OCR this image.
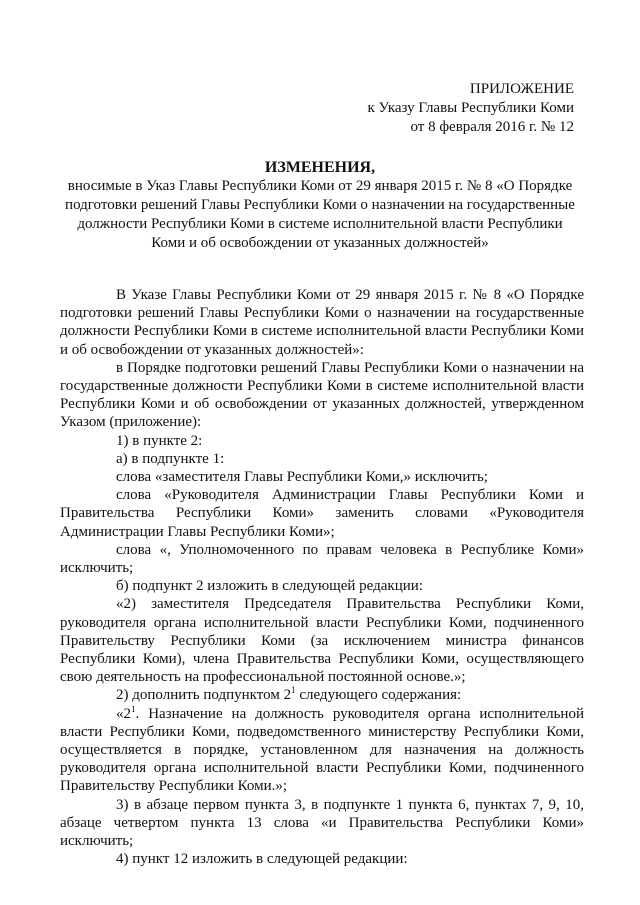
ПРИЛОЖЕНИЕ
к Указу Главы Республики Коми
от 8 февраля 2016 г. № 12
ИЗМЕНЕНИЯ,
вносимые в Указ Главы Республики Коми от 29 января 2015 г. № 8 «О Порядке подготовки решений Главы Республики Коми о назначении на государственные должности Республики Коми в системе исполнительной власти Республики Коми и об освобождении от указанных должностей»

В Указе Главы Республики Коми от 29 января 2015 г. № 8 «О Порядке подготовки решений Главы Республики Коми о назначении на государственные должности Республики Коми в системе исполнительной власти Республики Коми и об освобождении от указанных должностей»:

в Порядке подготовки решений Главы Республики Коми о назначении на государственные должности Республики Коми в системе исполнительной власти Республики Коми и об освобождении от указанных должностей, утвержденном Указом (приложение):

1) в пункте 2:

а) в подпункте 1:

слова «заместителя Главы Республики Коми,» исключить;

слова «Руководителя Администрации Главы Республики Коми и Правительства Республики Коми» заменить словами «Руководителя Администрации Главы Республики Коми»;

слова «, Уполномоченного по правам человека в Республике Коми» исключить;

б) подпункт 2 изложить в следующей редакции:

«2) заместителя Председателя Правительства Республики Коми, руководителя органа исполнительной власти Республики Коми, подчиненного Правительству Республики Коми (за исключением министра финансов Республики Коми), члена Правительства Республики Коми, осуществляющего свою деятельность на профессиональной постоянной основе.»;

2) дополнить подпунктом $2^1$ следующего содержания:

«$2^1$. Назначение на должность руководителя органа исполнительной власти Республики Коми, подведомственного министерству Республики Коми, осуществляется в порядке, установленном для назначения на должность руководителя органа исполнительной власти Республики Коми, подчиненного Правительству Республики Коми.»;

3) в абзаце первом пункта 3, в подпункте 1 пункта 6, пунктах 7, 9, 10, абзаце четвертом пункта 13 слова «и Правительства Республики Коми» исключить;

4) пункт 12 изложить в следующей редакции:
